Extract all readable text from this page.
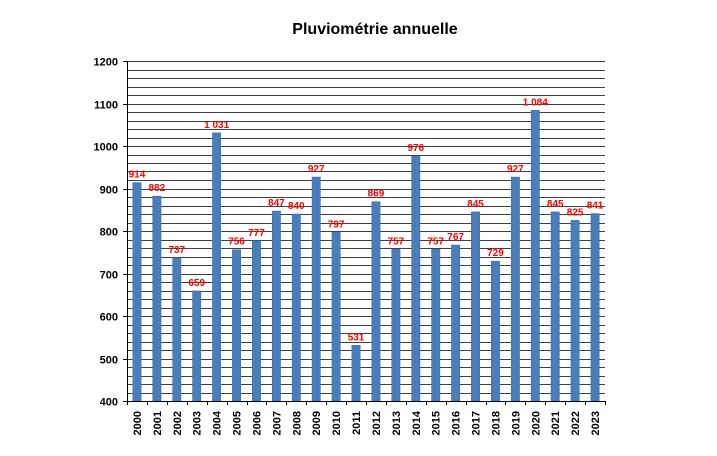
Pluviométrie annuelle
400
500
600
700
800
900
1000
1100
1200
2000 2001 2002 2003 2004 2005 2006 2007 2008 2009 2010 2011 2012 2013 2014 2015 2016 2017 2018 2019 2020 2021 2022 2023
914
882
737
659
1 031
756
777
847 840
927
797
531
869
757
976
757 767
845
729
927
1 084
845
825
841
